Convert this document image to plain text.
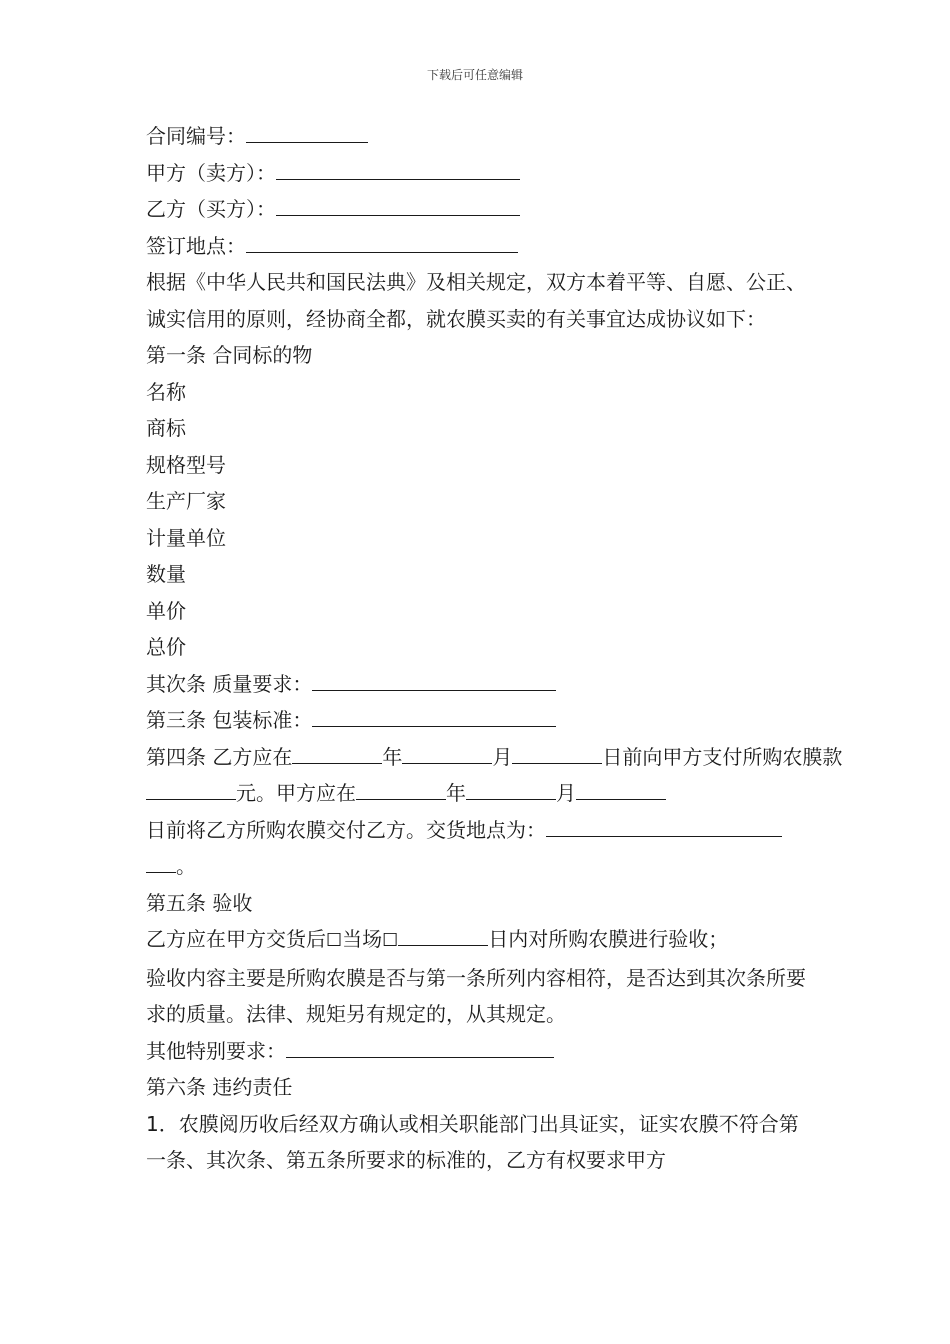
下载后可任意编辑

合同编号：

甲方（卖方）：

乙方（买方）：

签订地点：

根据《中华人民共和国民法典》及相关规定，双方本着平等、自愿、公正、诚实信用的原则，经协商全都，就农膜买卖的有关事宜达成协议如下：

第一条 合同标的物

名称

商标

规格型号

生产厂家

计量单位

数量

单价

总价

其次条 质量要求：

第三条 包装标准：

第四条 乙方应在	年	月	日前向甲方支付所购农膜款

元。甲方应在	年	月

日前将乙方所购农膜交付乙方。交货地点为：

。

第五条 验收

乙方应在甲方交货后☐当场☐	日内对所购农膜进行验收；

验收内容主要是所购农膜是否与第一条所列内容相符，是否达到其次条所要求的质量。法律、规矩另有规定的，从其规定。

其他特别要求：

第六条 违约责任

1．农膜阅历收后经双方确认或相关职能部门出具证实，证实农膜不符合第一条、其次条、第五条所要求的标准的，乙方有权要求甲方
